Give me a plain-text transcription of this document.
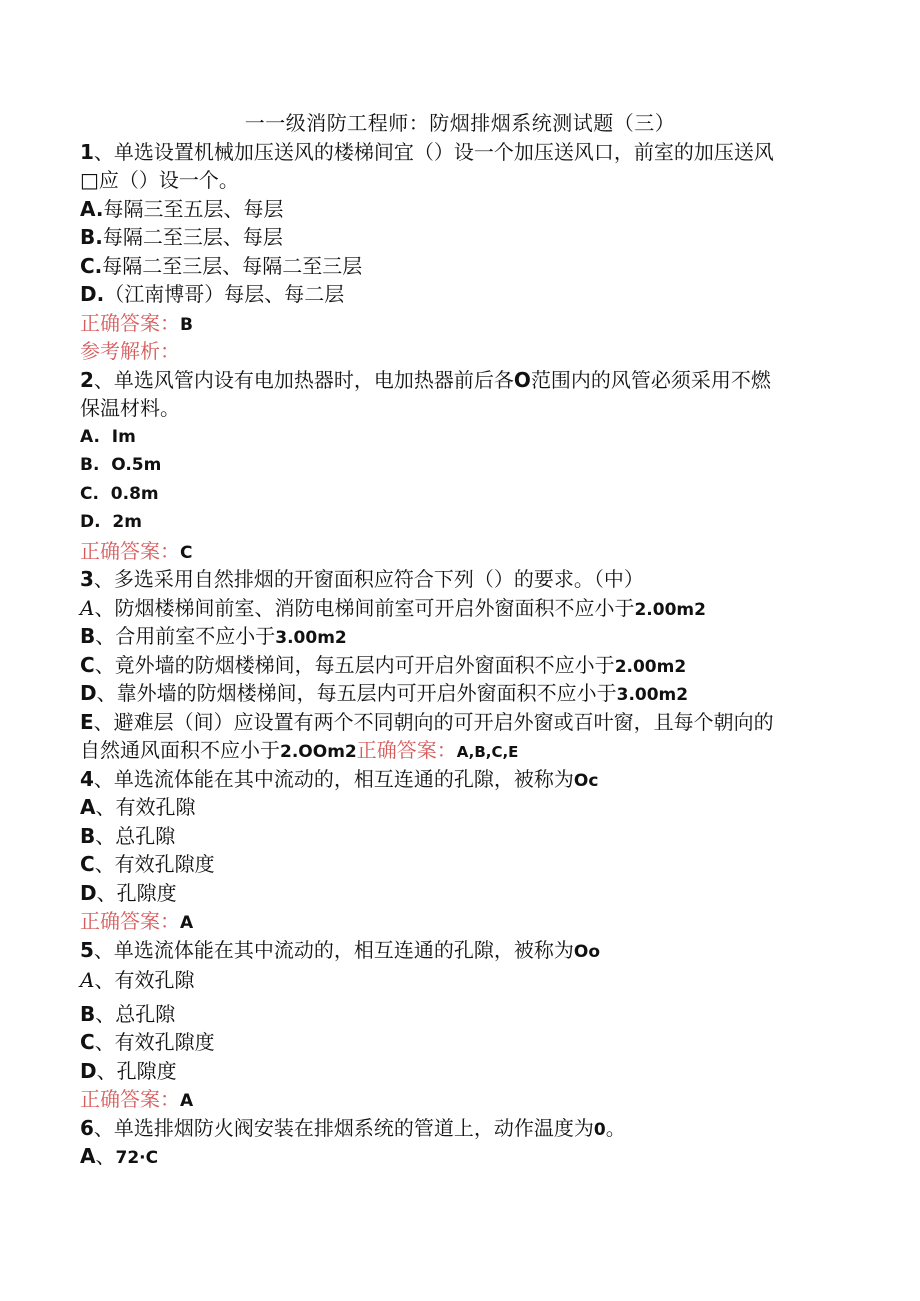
一一级消防工程师：防烟排烟系统测试题（三）
1、单选设置机械加压送风的楼梯间宜（）设一个加压送风口，前室的加压送风
□应（）设一个。
A.每隔三至五层、每层
B.每隔二至三层、每层
C.每隔二至三层、每隔二至三层
D.（江南博哥）每层、每二层
正确答案：B
参考解析：
2、单选风管内设有电加热器时，电加热器前后各O范围内的风管必须采用不燃
保温材料。
A. Im
B. O.5m
C. 0.8m
D. 2m
正确答案：C
3、多选采用自然排烟的开窗面积应符合下列（）的要求。（中）
A、防烟楼梯间前室、消防电梯间前室可开启外窗面积不应小于2.00m2
B、合用前室不应小于3.00m2
C、竟外墙的防烟楼梯间，每五层内可开启外窗面积不应小于2.00m2
D、靠外墙的防烟楼梯间，每五层内可开启外窗面积不应小于3.00m2
E、避难层（间）应设置有两个不同朝向的可开启外窗或百叶窗，且每个朝向的
自然通风面积不应小于2.OOm2正确答案：A,B,C,E
4、单选流体能在其中流动的，相互连通的孔隙，被称为Oc
A、有效孔隙
B、总孔隙
C、有效孔隙度
D、孔隙度
正确答案：A
5、单选流体能在其中流动的，相互连通的孔隙，被称为Oo
A、有效孔隙
B、总孔隙
C、有效孔隙度
D、孔隙度
正确答案：A
6、单选排烟防火阀安装在排烟系统的管道上，动作温度为0。
A、72·C
